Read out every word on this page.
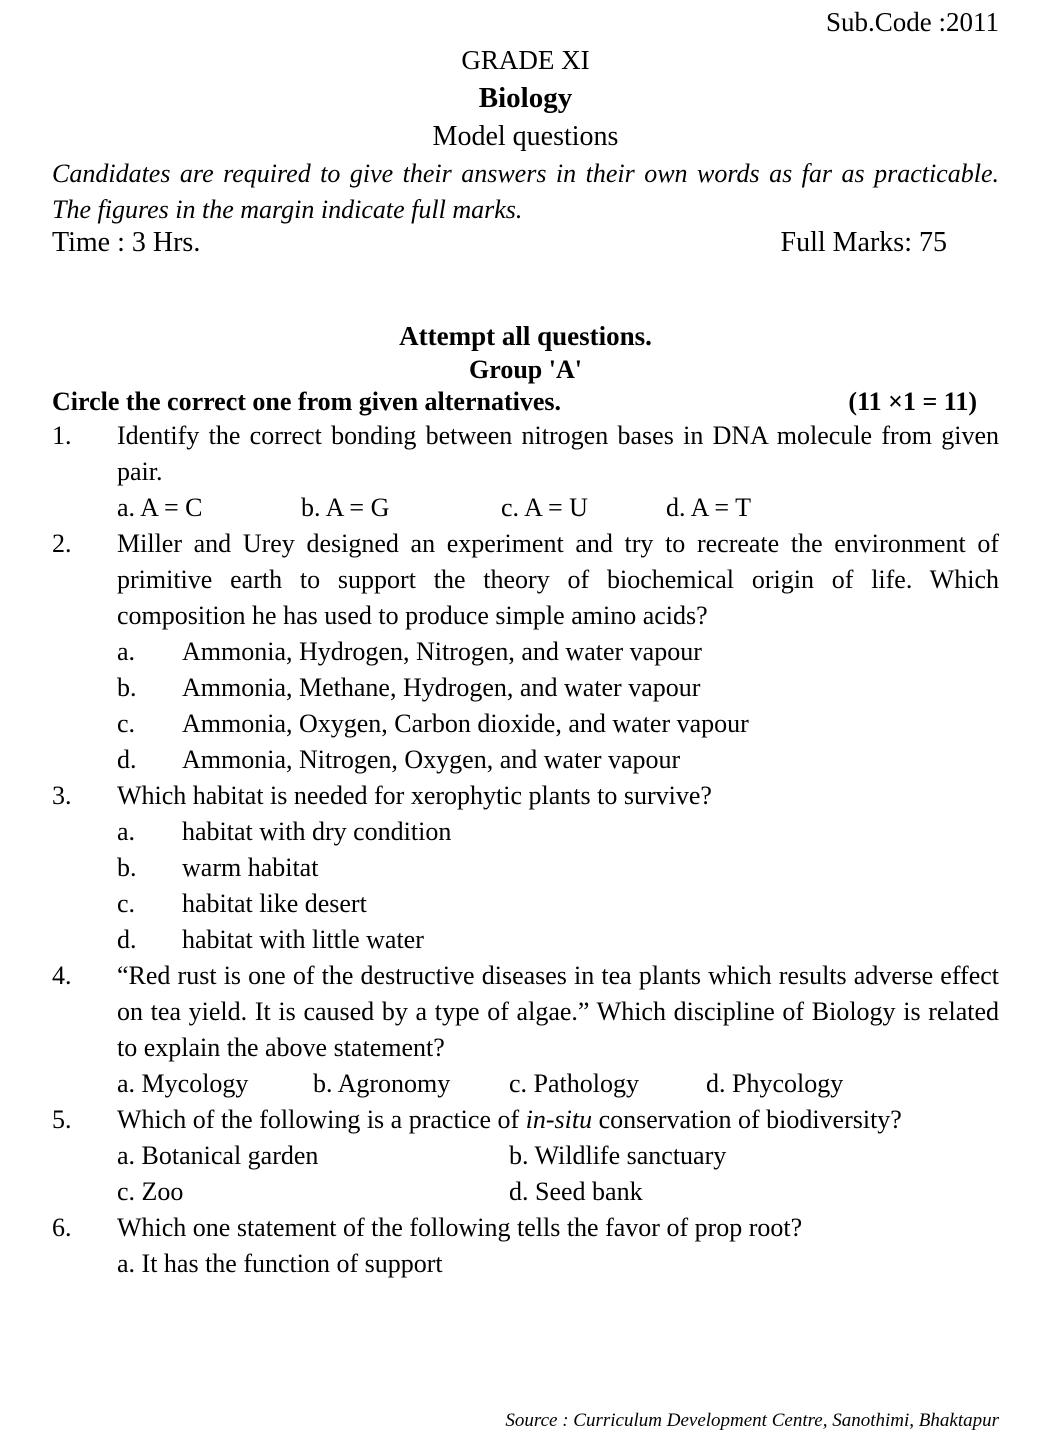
Sub.Code :2011
GRADE XI
Biology
Model questions
Candidates are required to give their answers in their own words as far as practicable. The figures in the margin indicate full marks.
Time : 3 Hrs.	Full Marks: 75
Attempt all questions.
Group 'A'
Circle the correct one from given alternatives.	(11 ×1 = 11)
1.	Identify the correct bonding between nitrogen bases in DNA molecule from given pair.
a. A = C	b. A = G	c. A = U	d. A = T
2.	Miller and Urey designed an experiment and try to recreate the environment of primitive earth to support the theory of biochemical origin of life. Which composition he has used to produce simple amino acids?
a.	Ammonia, Hydrogen, Nitrogen, and water vapour
b.	Ammonia, Methane, Hydrogen, and water vapour
c.	Ammonia, Oxygen, Carbon dioxide, and water vapour
d.	Ammonia, Nitrogen, Oxygen, and water vapour
3.	Which habitat is needed for xerophytic plants to survive?
a.	habitat with dry condition
b.	warm habitat
c.	habitat like desert
d.	habitat with little water
4.	“Red rust is one of the destructive diseases in tea plants which results adverse effect on tea yield. It is caused by a type of algae.” Which discipline of Biology is related to explain the above statement?
a. Mycology	b. Agronomy	c. Pathology	d. Phycology
5.	Which of the following is a practice of in-situ conservation of biodiversity?
a. Botanical garden	b. Wildlife sanctuary
c. Zoo	d. Seed bank
6.	Which one statement of the following tells the favor of prop root?
a. It has the function of support
Source : Curriculum Development Centre, Sanothimi, Bhaktapur
